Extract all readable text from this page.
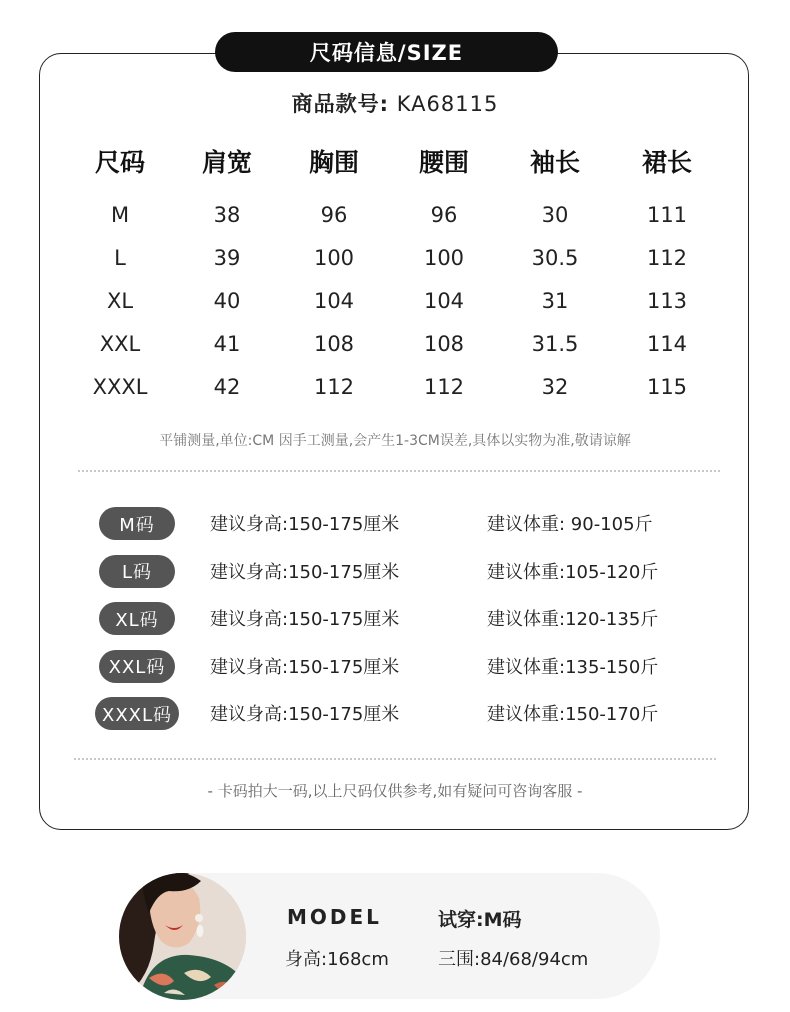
尺码信息/SIZE
商品款号: KA68115
尺码	肩宽	胸围	腰围	袖长	裙长
M	38	96	96	30	111
L	39	100	100	30.5	112
XL	40	104	104	31	113
XXL	41	108	108	31.5	114
XXXL	42	112	112	32	115
平铺测量,单位:CM 因手工测量,会产生1-3CM误差,具体以实物为准,敬请谅解
M码	建议身高:150-175厘米	建议体重: 90-105斤
L码	建议身高:150-175厘米	建议体重:105-120斤
XL码	建议身高:150-175厘米	建议体重:120-135斤
XXL码	建议身高:150-175厘米	建议体重:135-150斤
XXXL码	建议身高:150-175厘米	建议体重:150-170斤
- 卡码拍大一码,以上尺码仅供参考,如有疑问可咨询客服 -
MODEL	试穿:M码
身高:168cm	三围:84/68/94cm
